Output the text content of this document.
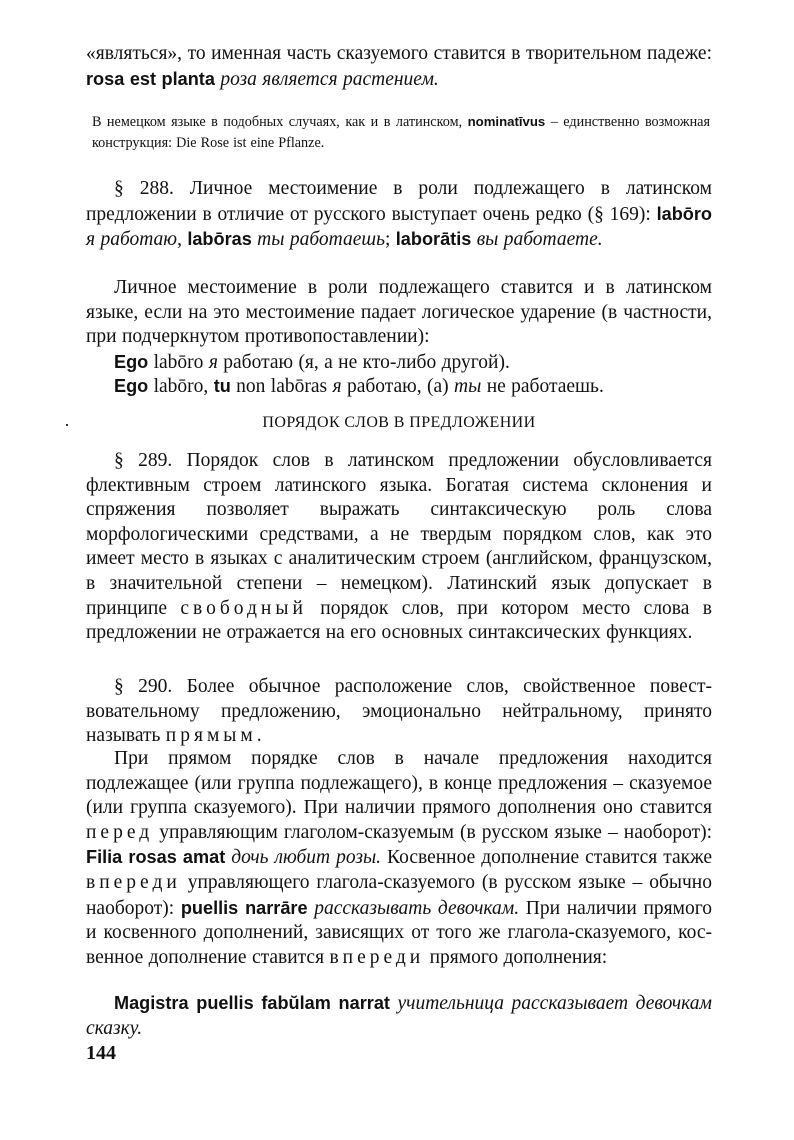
«являться», то именная часть сказуемого ставится в творительном падеже: rosa est planta роза является растением.
В немецком языке в подобных случаях, как и в латинском, nominatīvus – единственно возможная конструкция: Die Rose ist eine Pflanze.
§ 288. Личное местоимение в роли подлежащего в латинском предложении в отличие от русского выступает очень редко (§ 169): labōro я работаю, labōras ты работаешь; laborātis вы работаете.
Личное местоимение в роли подлежащего ставится и в латинском языке, если на это местоимение падает логическое ударение (в частности, при подчеркнутом противопоставлении):
Ego labōro я работаю (я, а не кто-либо другой).
Ego labōro, tu non labōras я работаю, (а) ты не работаешь.
ПОРЯДОК СЛОВ В ПРЕДЛОЖЕНИИ
§ 289. Порядок слов в латинском предложении обусловливается флективным строем латинского языка. Богатая система склонения и спряжения позволяет выражать синтаксическую роль слова морфологическими средствами, а не твердым порядком слов, как это имеет место в языках с аналитическим строем (английском, французском, в значительной степени – немецком). Латинский язык допускает в принципе свободный порядок слов, при котором место слова в предложении не отражается на его основных синтаксических функциях.
§ 290. Более обычное расположение слов, свойственное повествовательному предложению, эмоционально нейтральному, принято называть прямым.
При прямом порядке слов в начале предложения находится подлежащее (или группа подлежащего), в конце предложения – сказуемое (или группа сказуемого). При наличии прямого дополнения оно ставится перед управляющим глаголом-сказуемым (в русском языке – наоборот): Filia rosas amat дочь любит розы. Косвенное дополнение ставится также впереди управляющего глагола-сказуемого (в русском языке – обычно наоборот): puellis narrāre рассказывать девочкам. При наличии прямого и косвенного дополнений, зависящих от того же глагола-сказуемого, косвенное дополнение ставится впереди прямого дополнения:
Magistra puellis fabŭlam narrat учительница рассказывает девочкам сказку.
144
